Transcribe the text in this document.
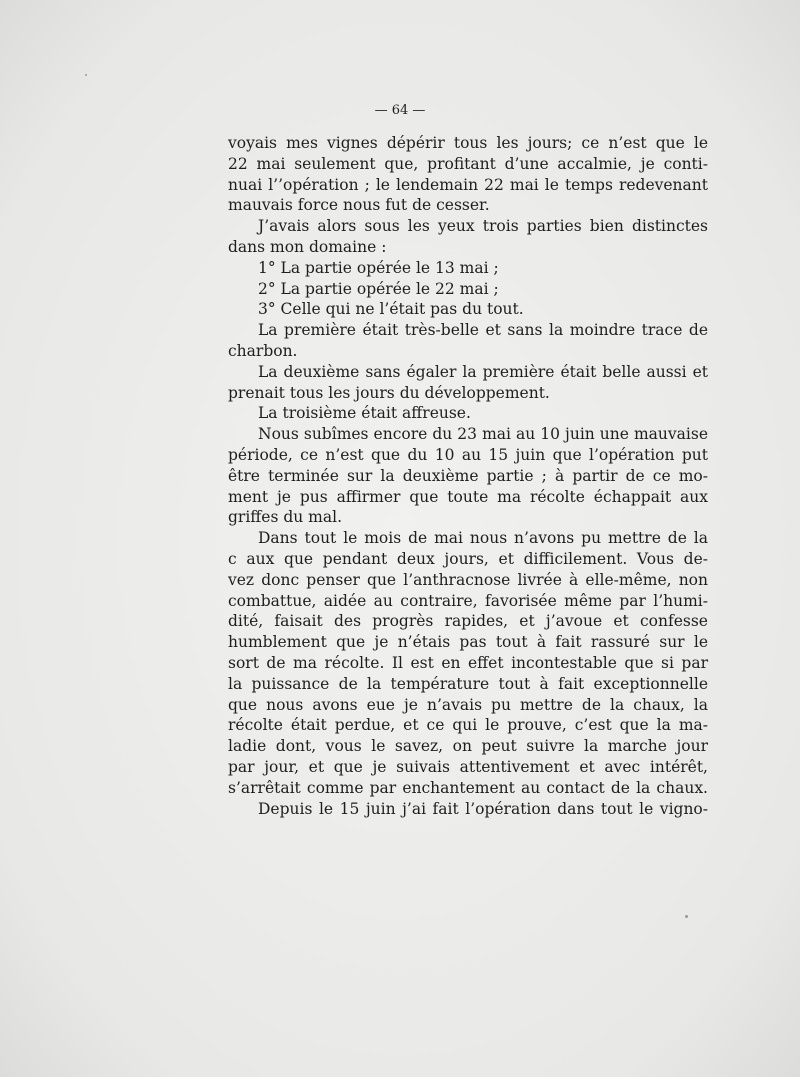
— 64 —
voyais mes vignes dépérir tous les jours; ce n’est que le
22 mai seulement que, profitant d’une accalmie, je conti-
nuai l’’opération ; le lendemain 22 mai le temps redevenant
mauvais force nous fut de cesser.
J’avais alors sous les yeux trois parties bien distinctes
dans mon domaine :
1° La partie opérée le 13 mai ;
2° La partie opérée le 22 mai ;
3° Celle qui ne l’était pas du tout.
La première était très-belle et sans la moindre trace de
charbon.
La deuxième sans égaler la première était belle aussi et
prenait tous les jours du développement.
La troisième était affreuse.
Nous subîmes encore du 23 mai au 10 juin une mauvaise
période, ce n’est que du 10 au 15 juin que l’opération put
être terminée sur la deuxième partie ; à partir de ce mo-
ment je pus affirmer que toute ma récolte échappait aux
griffes du mal.
Dans tout le mois de mai nous n’avons pu mettre de la
c aux que pendant deux jours, et difficilement. Vous de-
vez donc penser que l’anthracnose livrée à elle-même, non
combattue, aidée au contraire, favorisée même par l’humi-
dité, faisait des progrès rapides, et j’avoue et confesse
humblement que je n’étais pas tout à fait rassuré sur le
sort de ma récolte. Il est en effet incontestable que si par
la puissance de la température tout à fait exceptionnelle
que nous avons eue je n’avais pu mettre de la chaux, la
récolte était perdue, et ce qui le prouve, c’est que la ma-
ladie dont, vous le savez, on peut suivre la marche jour
par jour, et que je suivais attentivement et avec intérêt,
s’arrêtait comme par enchantement au contact de la chaux.
Depuis le 15 juin j’ai fait l’opération dans tout le vigno-
